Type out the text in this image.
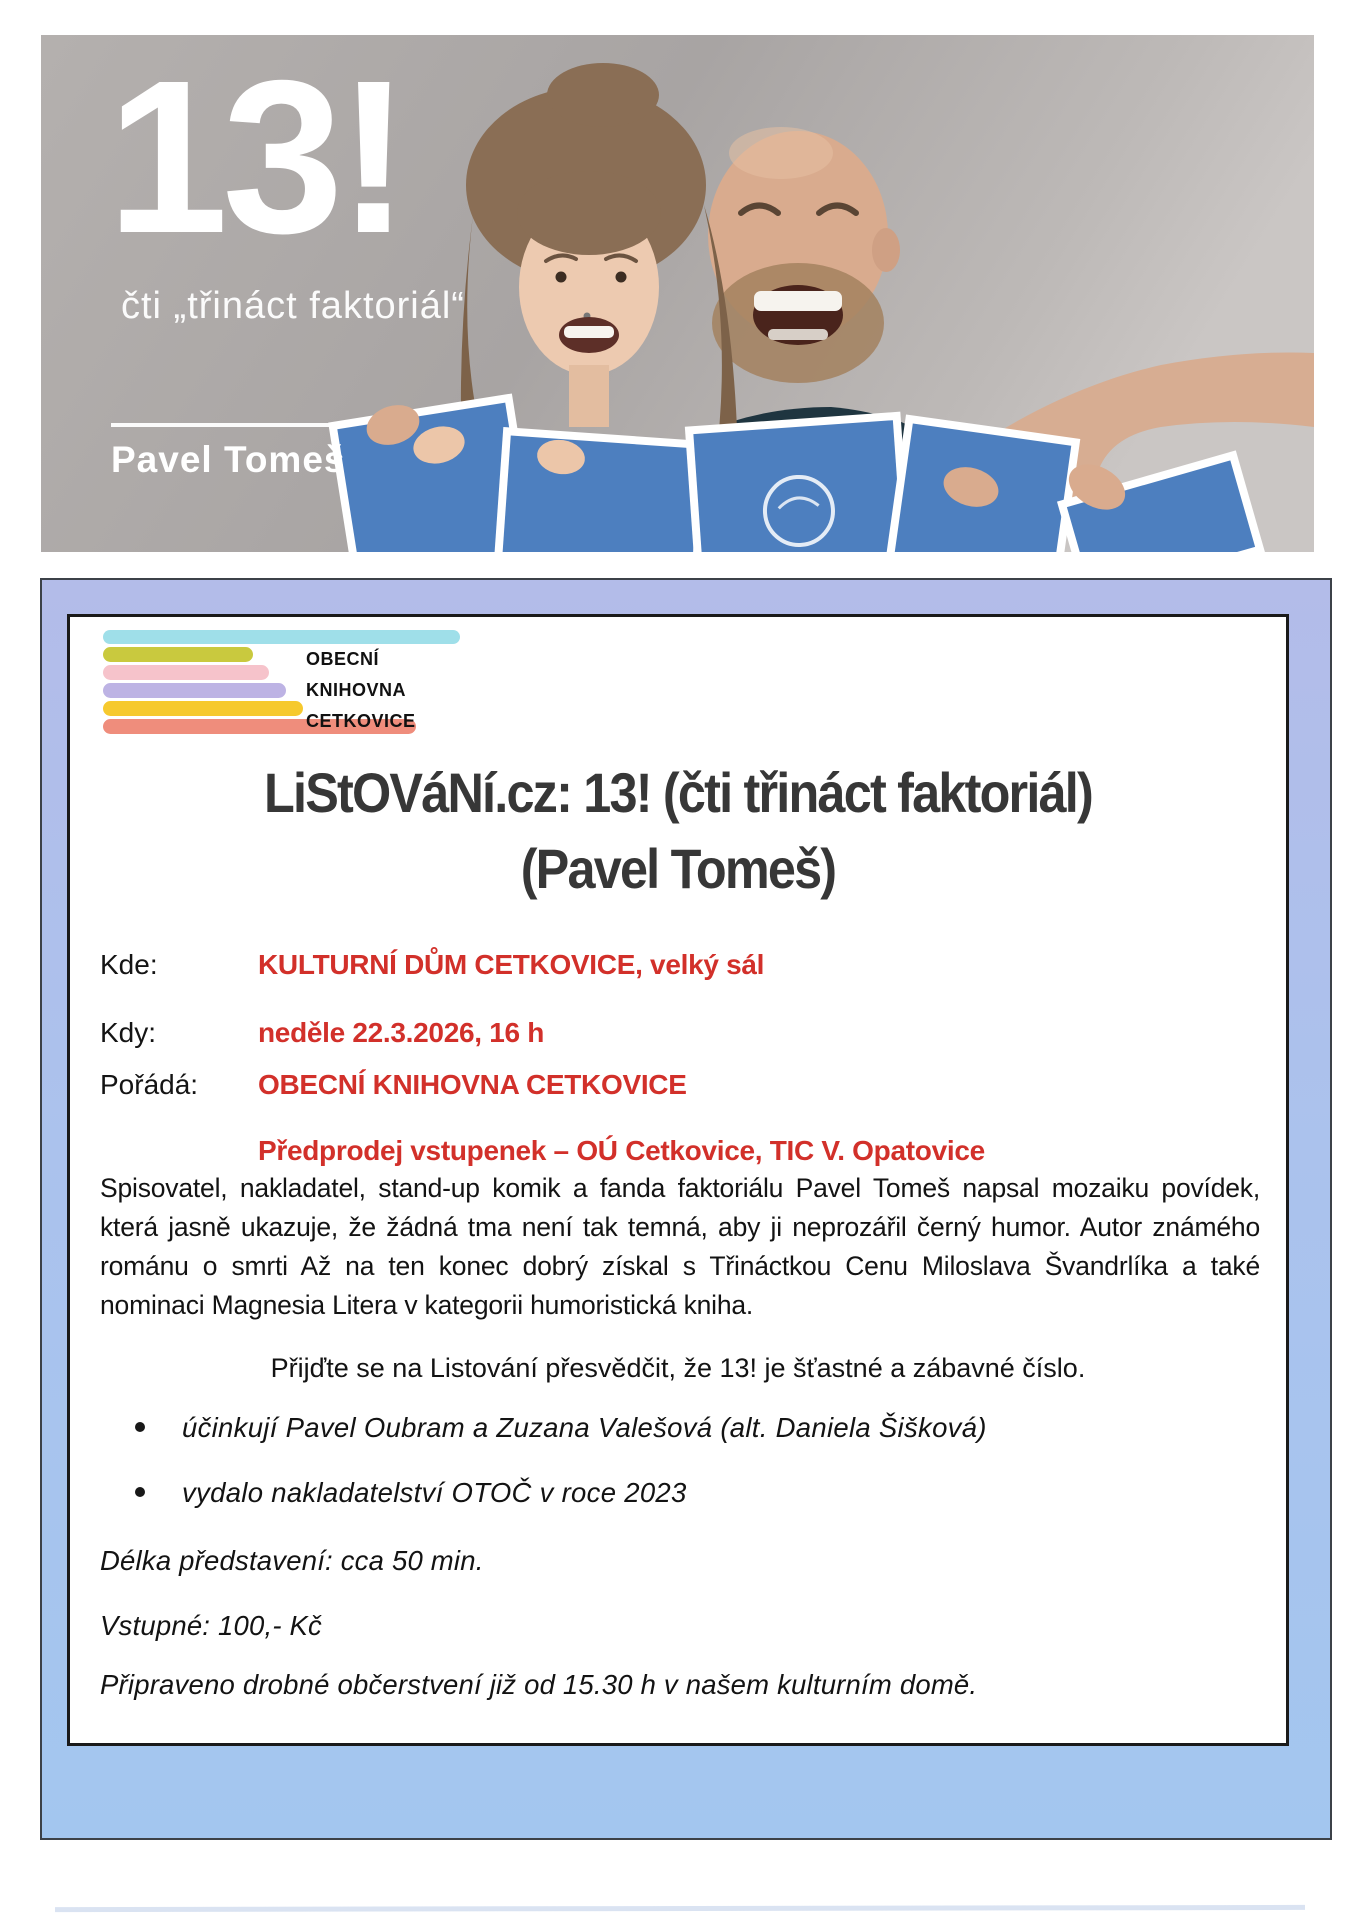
13!
čti „třináct faktoriál“
Pavel Tomeš
OBECNÍ
KNIHOVNA
CETKOVICE
LiStOVáNí.cz: 13! (čti třináct faktoriál)
(Pavel Tomeš)
Kde:	KULTURNÍ DŮM CETKOVICE, velký sál
Kdy:	neděle 22.3.2026, 16 h
Pořádá: OBECNÍ KNIHOVNA CETKOVICE
Předprodej vstupenek – OÚ Cetkovice, TIC V. Opatovice
Spisovatel, nakladatel, stand-up komik a fanda faktoriálu Pavel Tomeš napsal mozaiku povídek, která jasně ukazuje, že žádná tma není tak temná, aby ji neprozářil černý humor. Autor známého románu o smrti Až na ten konec dobrý získal s Třináctkou Cenu Miloslava Švandrlíka a také nominaci Magnesia Litera v kategorii humoristická kniha.
Přijďte se na Listování přesvědčit, že 13! je šťastné a zábavné číslo.
účinkují Pavel Oubram a Zuzana Valešová (alt. Daniela Šišková)
vydalo nakladatelství OTOČ v roce 2023
Délka představení: cca 50 min.
Vstupné: 100,- Kč
Připraveno drobné občerstvení již od 15.30 h v našem kulturním domě.
